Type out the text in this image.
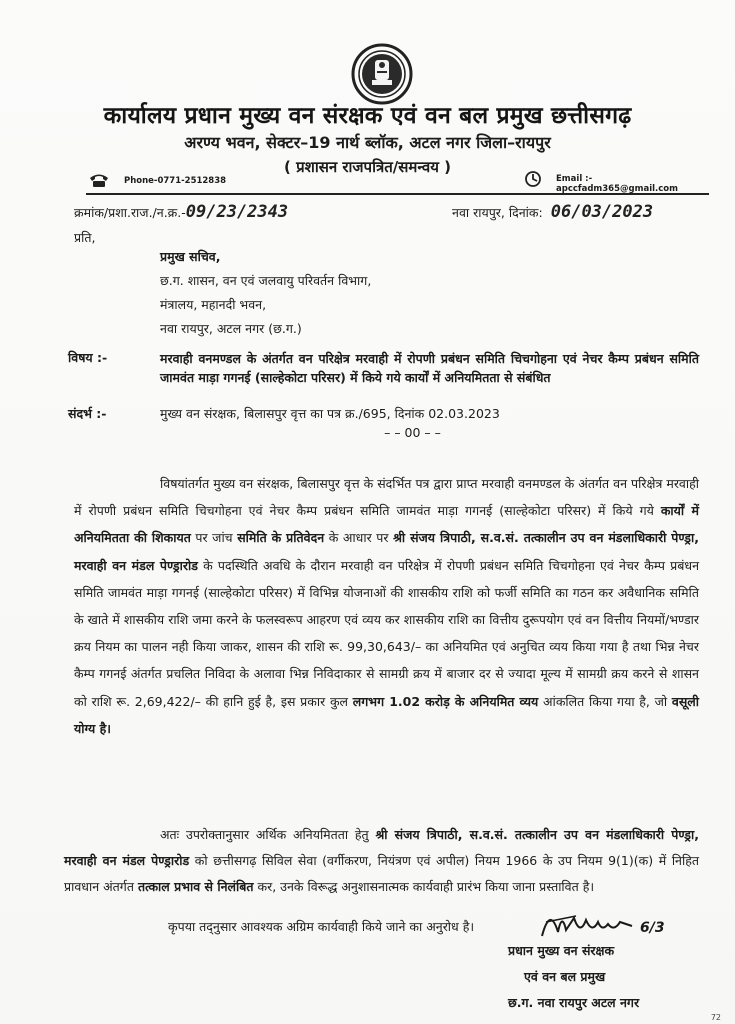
कार्यालय प्रधान मुख्य वन संरक्षक एवं वन बल प्रमुख छत्तीसगढ़
अरण्य भवन, सेक्टर–19 नार्थ ब्लॉक, अटल नगर जिला–रायपुर
( प्रशासन राजपत्रित/समन्वय )
Phone-0771-2512838	Email :- apccfadm365@gmail.com
क्रमांक/प्रशा.राज./न.क्र.-09/23/2343	नवा रायपुर, दिनांक: 06/03/2023
प्रति,
प्रमुख सचिव,
छ.ग. शासन, वन एवं जलवायु परिवर्तन विभाग,
मंत्रालय, महानदी भवन,
नवा रायपुर, अटल नगर (छ.ग.)
विषय :-	मरवाही वनमण्डल के अंतर्गत वन परिक्षेत्र मरवाही में रोपणी प्रबंधन समिति चिचगोहना एवं नेचर कैम्प प्रबंधन समिति जामवंत माड़ा गगनई (साल्हेकोटा परिसर) में किये गये कार्यों में अनियमितता से संबंधित
संदर्भ :-	मुख्य वन संरक्षक, बिलासपुर वृत्त का पत्र क्र./695, दिनांक 02.03.2023
– – 00 – –
विषयांतर्गत मुख्य वन संरक्षक, बिलासपुर वृत्त के संदर्भित पत्र द्वारा प्राप्त मरवाही वनमण्डल के अंतर्गत वन परिक्षेत्र मरवाही में रोपणी प्रबंधन समिति चिचगोहना एवं नेचर कैम्प प्रबंधन समिति जामवंत माड़ा गगनई (साल्हेकोटा परिसर) में किये गये कार्यों में अनियमितता की शिकायत पर जांच समिति के प्रतिवेदन के आधार पर श्री संजय त्रिपाठी, स.व.सं. तत्कालीन उप वन मंडलाधिकारी पेण्ड्रा, मरवाही वन मंडल पेण्ड्रारोड के पदस्थिति अवधि के दौरान मरवाही वन परिक्षेत्र में रोपणी प्रबंधन समिति चिचगोहना एवं नेचर कैम्प प्रबंधन समिति जामवंत माड़ा गगनई (साल्हेकोटा परिसर) में विभिन्न योजनाओं की शासकीय राशि को फर्जी समिति का गठन कर अवैधानिक समिति के खाते में शासकीय राशि जमा करने के फलस्वरूप आहरण एवं व्यय कर शासकीय राशि का वित्तीय दुरूपयोग एवं वन वित्तीय नियमों/भण्डार क्रय नियम का पालन नही किया जाकर, शासन की राशि रू. 99,30,643/– का अनियमित एवं अनुचित व्यय किया गया है तथा भिन्न नेचर कैम्प गगनई अंतर्गत प्रचलित निविदा के अलावा भिन्न निविदाकार से सामग्री क्रय में बाजार दर से ज्यादा मूल्य में सामग्री क्रय करने से शासन को राशि रू. 2,69,422/– की हानि हुई है, इस प्रकार कुल लगभग 1.02 करोड़ के अनियमित व्यय आंकलित किया गया है, जो वसूली योग्य है।
अतः उपरोक्तानुसार अर्थिक अनियमितता हेतु श्री संजय त्रिपाठी, स.व.सं. तत्कालीन उप वन मंडलाधिकारी पेण्ड्रा, मरवाही वन मंडल पेण्ड्रारोड को छत्तीसगढ़ सिविल सेवा (वर्गीकरण, नियंत्रण एवं अपील) नियम 1966 के उप नियम 9(1)(क) में निहित प्रावधान अंतर्गत तत्काल प्रभाव से निलंबित कर, उनके विरूद्ध अनुशासनात्मक कार्यवाही प्रारंभ किया जाना प्रस्तावित है।
कृपया तद्नुसार आवश्यक अग्रिम कार्यवाही किये जाने का अनुरोध है।	6/3
प्रधान मुख्य वन संरक्षक
एवं वन बल प्रमुख
छ.ग. नवा रायपुर अटल नगर
72
